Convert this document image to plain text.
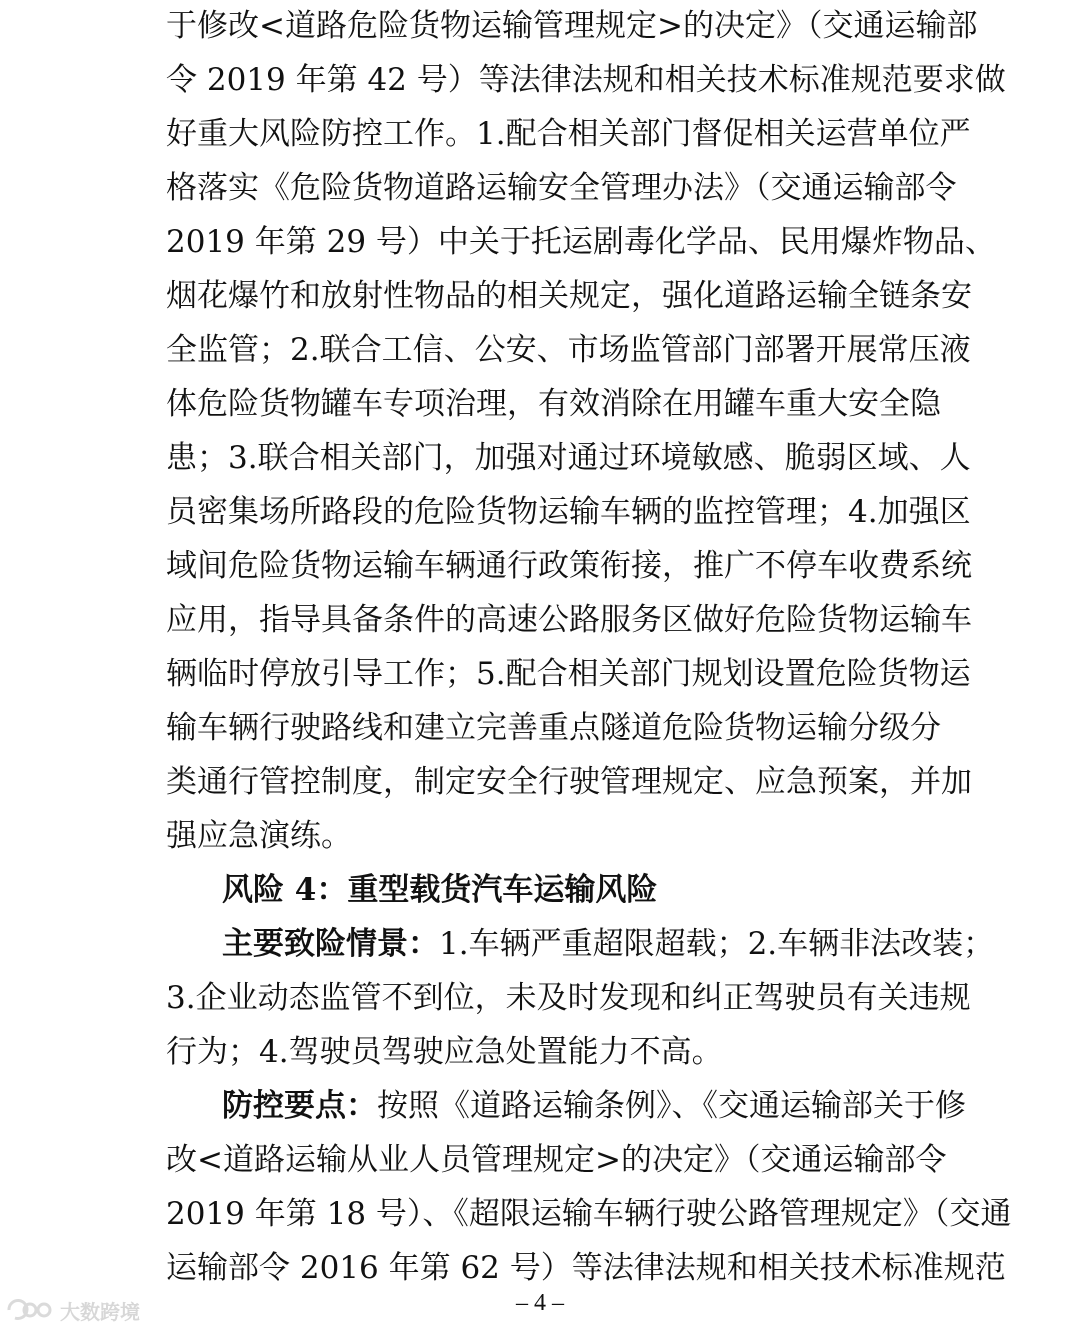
于修改<道路危险货物运输管理规定>的决定》（交通运输部
令 2019 年第 42 号）等法律法规和相关技术标准规范要求做
好重大风险防控工作。1.配合相关部门督促相关运营单位严
格落实《危险货物道路运输安全管理办法》（交通运输部令
2019 年第 29 号）中关于托运剧毒化学品、民用爆炸物品、
烟花爆竹和放射性物品的相关规定，强化道路运输全链条安
全监管；2.联合工信、公安、市场监管部门部署开展常压液
体危险货物罐车专项治理，有效消除在用罐车重大安全隐
患；3.联合相关部门，加强对通过环境敏感、脆弱区域、人
员密集场所路段的危险货物运输车辆的监控管理；4.加强区
域间危险货物运输车辆通行政策衔接，推广不停车收费系统
应用，指导具备条件的高速公路服务区做好危险货物运输车
辆临时停放引导工作；5.配合相关部门规划设置危险货物运
输车辆行驶路线和建立完善重点隧道危险货物运输分级分
类通行管控制度，制定安全行驶管理规定、应急预案，并加
强应急演练。
风险 4：重型载货汽车运输风险
主要致险情景：1.车辆严重超限超载；2.车辆非法改装；
3.企业动态监管不到位，未及时发现和纠正驾驶员有关违规
行为；4.驾驶员驾驶应急处置能力不高。
防控要点：按照《道路运输条例》、《交通运输部关于修
改<道路运输从业人员管理规定>的决定》（交通运输部令
– 4 –
大数跨境
2019 年第 18 号）、《超限运输车辆行驶公路管理规定》（交通
运输部令 2016 年第 62 号）等法律法规和相关技术标准规范
